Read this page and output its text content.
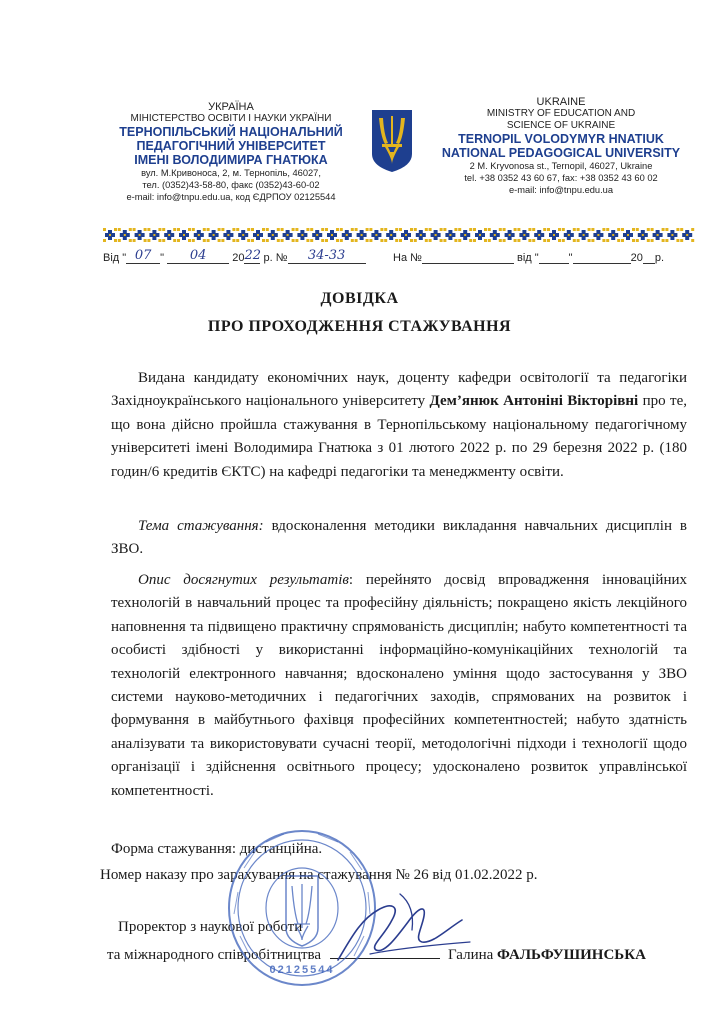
УКРАЇНА
МІНІСТЕРСТВО ОСВІТИ І НАУКИ УКРАЇНИ
ТЕРНОПІЛЬСЬКИЙ НАЦІОНАЛЬНИЙ
ПЕДАГОГІЧНИЙ УНІВЕРСИТЕТ
ІМЕНІ ВОЛОДИМИРА ГНАТЮКА
вул. М.Кривоноса, 2, м. Тернопіль, 46027,
тел. (0352)43-58-80, факс (0352)43-60-02
e-mail: info@tnpu.edu.ua, код ЄДРПОУ 02125544
UKRAINE
MINISTRY OF EDUCATION AND
SCIENCE OF UKRAINE
TERNOPIL VOLODYMYR HNATIUK
NATIONAL PEDAGOGICAL UNIVERSITY
2 M. Kryvonosa st., Ternopil, 46027, Ukraine
tel. +38 0352 43 60 67, fax: +38 0352 43 60 02
e-mail: info@tnpu.edu.ua
Від " 07 " 04 2022 р. № 34-33	На №	від "	"	20 р.
ДОВІДКА
ПРО ПРОХОДЖЕННЯ СТАЖУВАННЯ

Видана кандидату економічних наук, доценту кафедри освітології та педагогіки Західноукраїнського національного університету Дем’янюк Антоніні Вікторівні про те, що вона дійсно пройшла стажування в Тернопільському національному педагогічному університеті імені Володимира Гнатюка з 01 лютого 2022 р. по 29 березня 2022 р. (180 годин/6 кредитів ЄКТС) на кафедрі педагогіки та менеджменту освіти.

Тема стажування: вдосконалення методики викладання навчальних дисциплін в ЗВО.

Опис досягнутих результатів: перейнято досвід впровадження інноваційних технологій в навчальний процес та професійну діяльність; покращено якість лекційного наповнення та підвищено практичну спрямованість дисциплін; набуто компетентності та особисті здібності у використанні інформаційно-комунікаційних технологій та технологій електронного навчання; вдосконалено уміння щодо застосування у ЗВО системи науково-методичних і педагогічних заходів, спрямованих на розвиток і формування в майбутнього фахівця професійних компетентностей; набуто здатність аналізувати та використовувати сучасні теорії, методологічні підходи і технології щодо організації і здійснення освітнього процесу; удосконалено розвиток управлінської компетентності.

Форма стажування: дистанційна.
Номер наказу про зарахування на стажування № 26 від 01.02.2022 р.
Проректор з наукової роботи
та міжнародного співробітництва	Галина ФАЛЬФУШИНСЬКА
02125544
